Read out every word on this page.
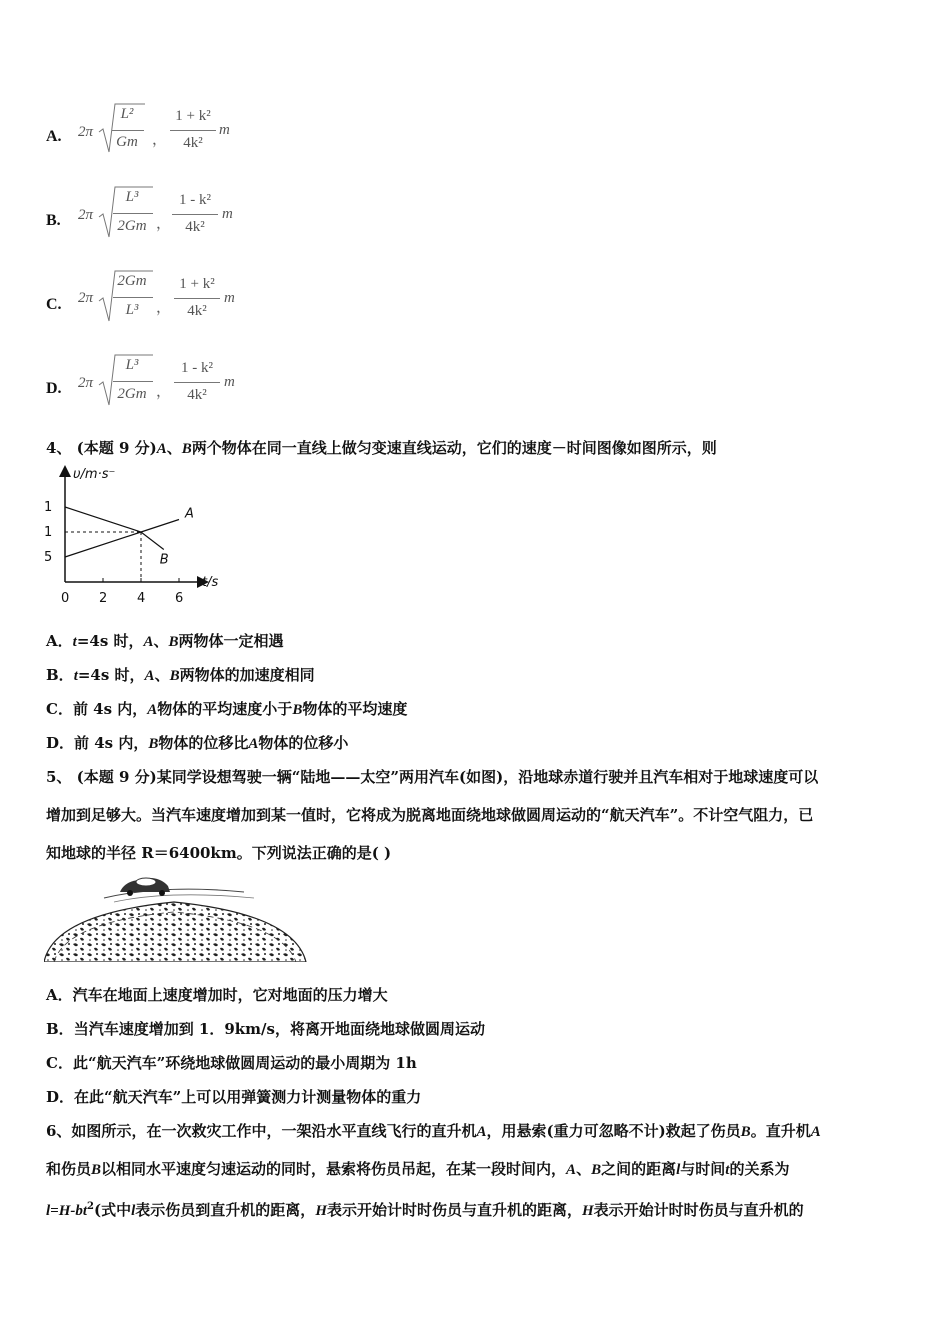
A. 2π
L²
Gm ，
1 + k²
4k²
m
B. 2π
L³
2Gm ，
1 - k²
4k²
m
C. 2π
2Gm
L³	，
1 + k²
4k²
m
D. 2π
L³
2Gm ，
1 - k²
4k²
m
4、 (本题 9 分)A、B两个物体在同一直线上做匀变速直线运动，它们的速度－时间图像如图所示，则
υ/m·s⁻
t/s
0 2 4 6
1
1
5
A
B
A．t=4s 时，A、B两物体一定相遇
B．t=4s 时，A、B两物体的加速度相同
C．前 4s 内，A物体的平均速度小于B物体的平均速度
D．前 4s 内，B物体的位移比A物体的位移小
5、 (本题 9 分)某同学设想驾驶一辆“陆地——太空”两用汽车(如图)，沿地球赤道行驶并且汽车相对于地球速度可以
增加到足够大。当汽车速度增加到某一值时，它将成为脱离地面绕地球做圆周运动的“航天汽车”。不计空气阻力，已
知地球的半径 R＝6400km。下列说法正确的是( )
A．汽车在地面上速度增加时，它对地面的压力增大
B．当汽车速度增加到 1．9km/s，将离开地面绕地球做圆周运动
C．此“航天汽车”环绕地球做圆周运动的最小周期为 1h
D．在此“航天汽车”上可以用弹簧测力计测量物体的重力
6、如图所示，在一次救灾工作中，一架沿水平直线飞行的直升机A，用悬索(重力可忽略不计)救起了伤员B。直升机A
和伤员B以相同水平速度匀速运动的同时，悬索将伤员吊起，在某一段时间内，A、B之间的距离l与时间t的关系为
$l=H-bt^2$(式中l表示伤员到直升机的距离，H表示开始计时时伤员与直升机的距离，H表示开始计时时伤员与直升机的
